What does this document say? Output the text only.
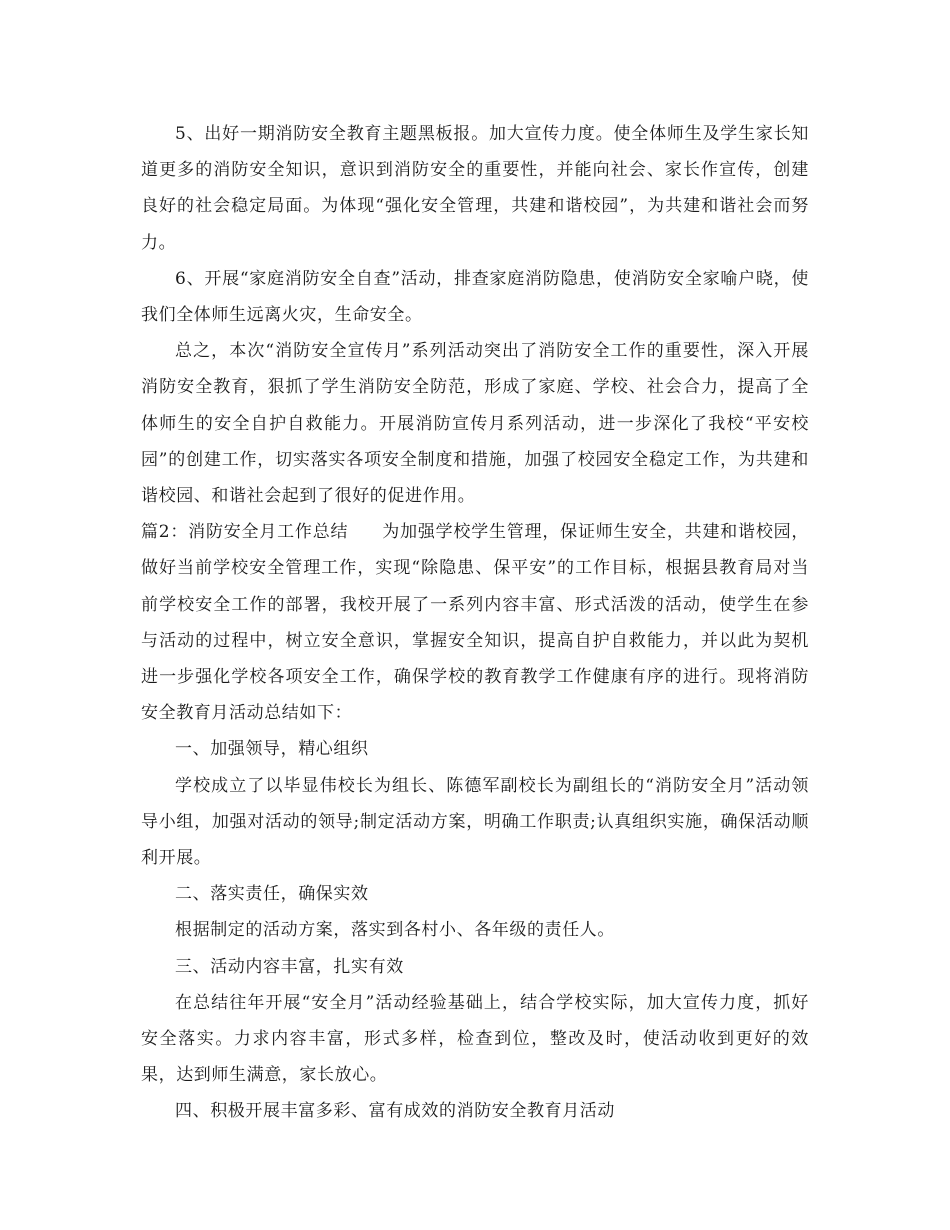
5、出好一期消防安全教育主题黑板报。加大宣传力度。使全体师生及学生家长知道更多的消防安全知识，意识到消防安全的重要性，并能向社会、家长作宣传，创建良好的社会稳定局面。为体现“强化安全管理，共建和谐校园”，为共建和谐社会而努力。

6、开展“家庭消防安全自查”活动，排查家庭消防隐患，使消防安全家喻户晓，使我们全体师生远离火灾，生命安全。

总之，本次“消防安全宣传月”系列活动突出了消防安全工作的重要性，深入开展消防安全教育，狠抓了学生消防安全防范，形成了家庭、学校、社会合力，提高了全体师生的安全自护自救能力。开展消防宣传月系列活动，进一步深化了我校“平安校园”的创建工作，切实落实各项安全制度和措施，加强了校园安全稳定工作，为共建和谐校园、和谐社会起到了很好的促进作用。

篇2：消防安全月工作总结 为加强学校学生管理，保证师生安全，共建和谐校园，做好当前学校安全管理工作，实现“除隐患、保平安”的工作目标，根据县教育局对当前学校安全工作的部署，我校开展了一系列内容丰富、形式活泼的活动，使学生在参与活动的过程中，树立安全意识，掌握安全知识，提高自护自救能力，并以此为契机进一步强化学校各项安全工作，确保学校的教育教学工作健康有序的进行。现将消防安全教育月活动总结如下：

一、加强领导，精心组织

学校成立了以毕显伟校长为组长、陈德军副校长为副组长的“消防安全月”活动领导小组，加强对活动的领导;制定活动方案，明确工作职责;认真组织实施，确保活动顺利开展。

二、落实责任，确保实效

根据制定的活动方案，落实到各村小、各年级的责任人。

三、活动内容丰富，扎实有效

在总结往年开展“安全月”活动经验基础上，结合学校实际，加大宣传力度，抓好安全落实。力求内容丰富，形式多样，检查到位，整改及时，使活动收到更好的效果，达到师生满意，家长放心。

四、积极开展丰富多彩、富有成效的消防安全教育月活动
